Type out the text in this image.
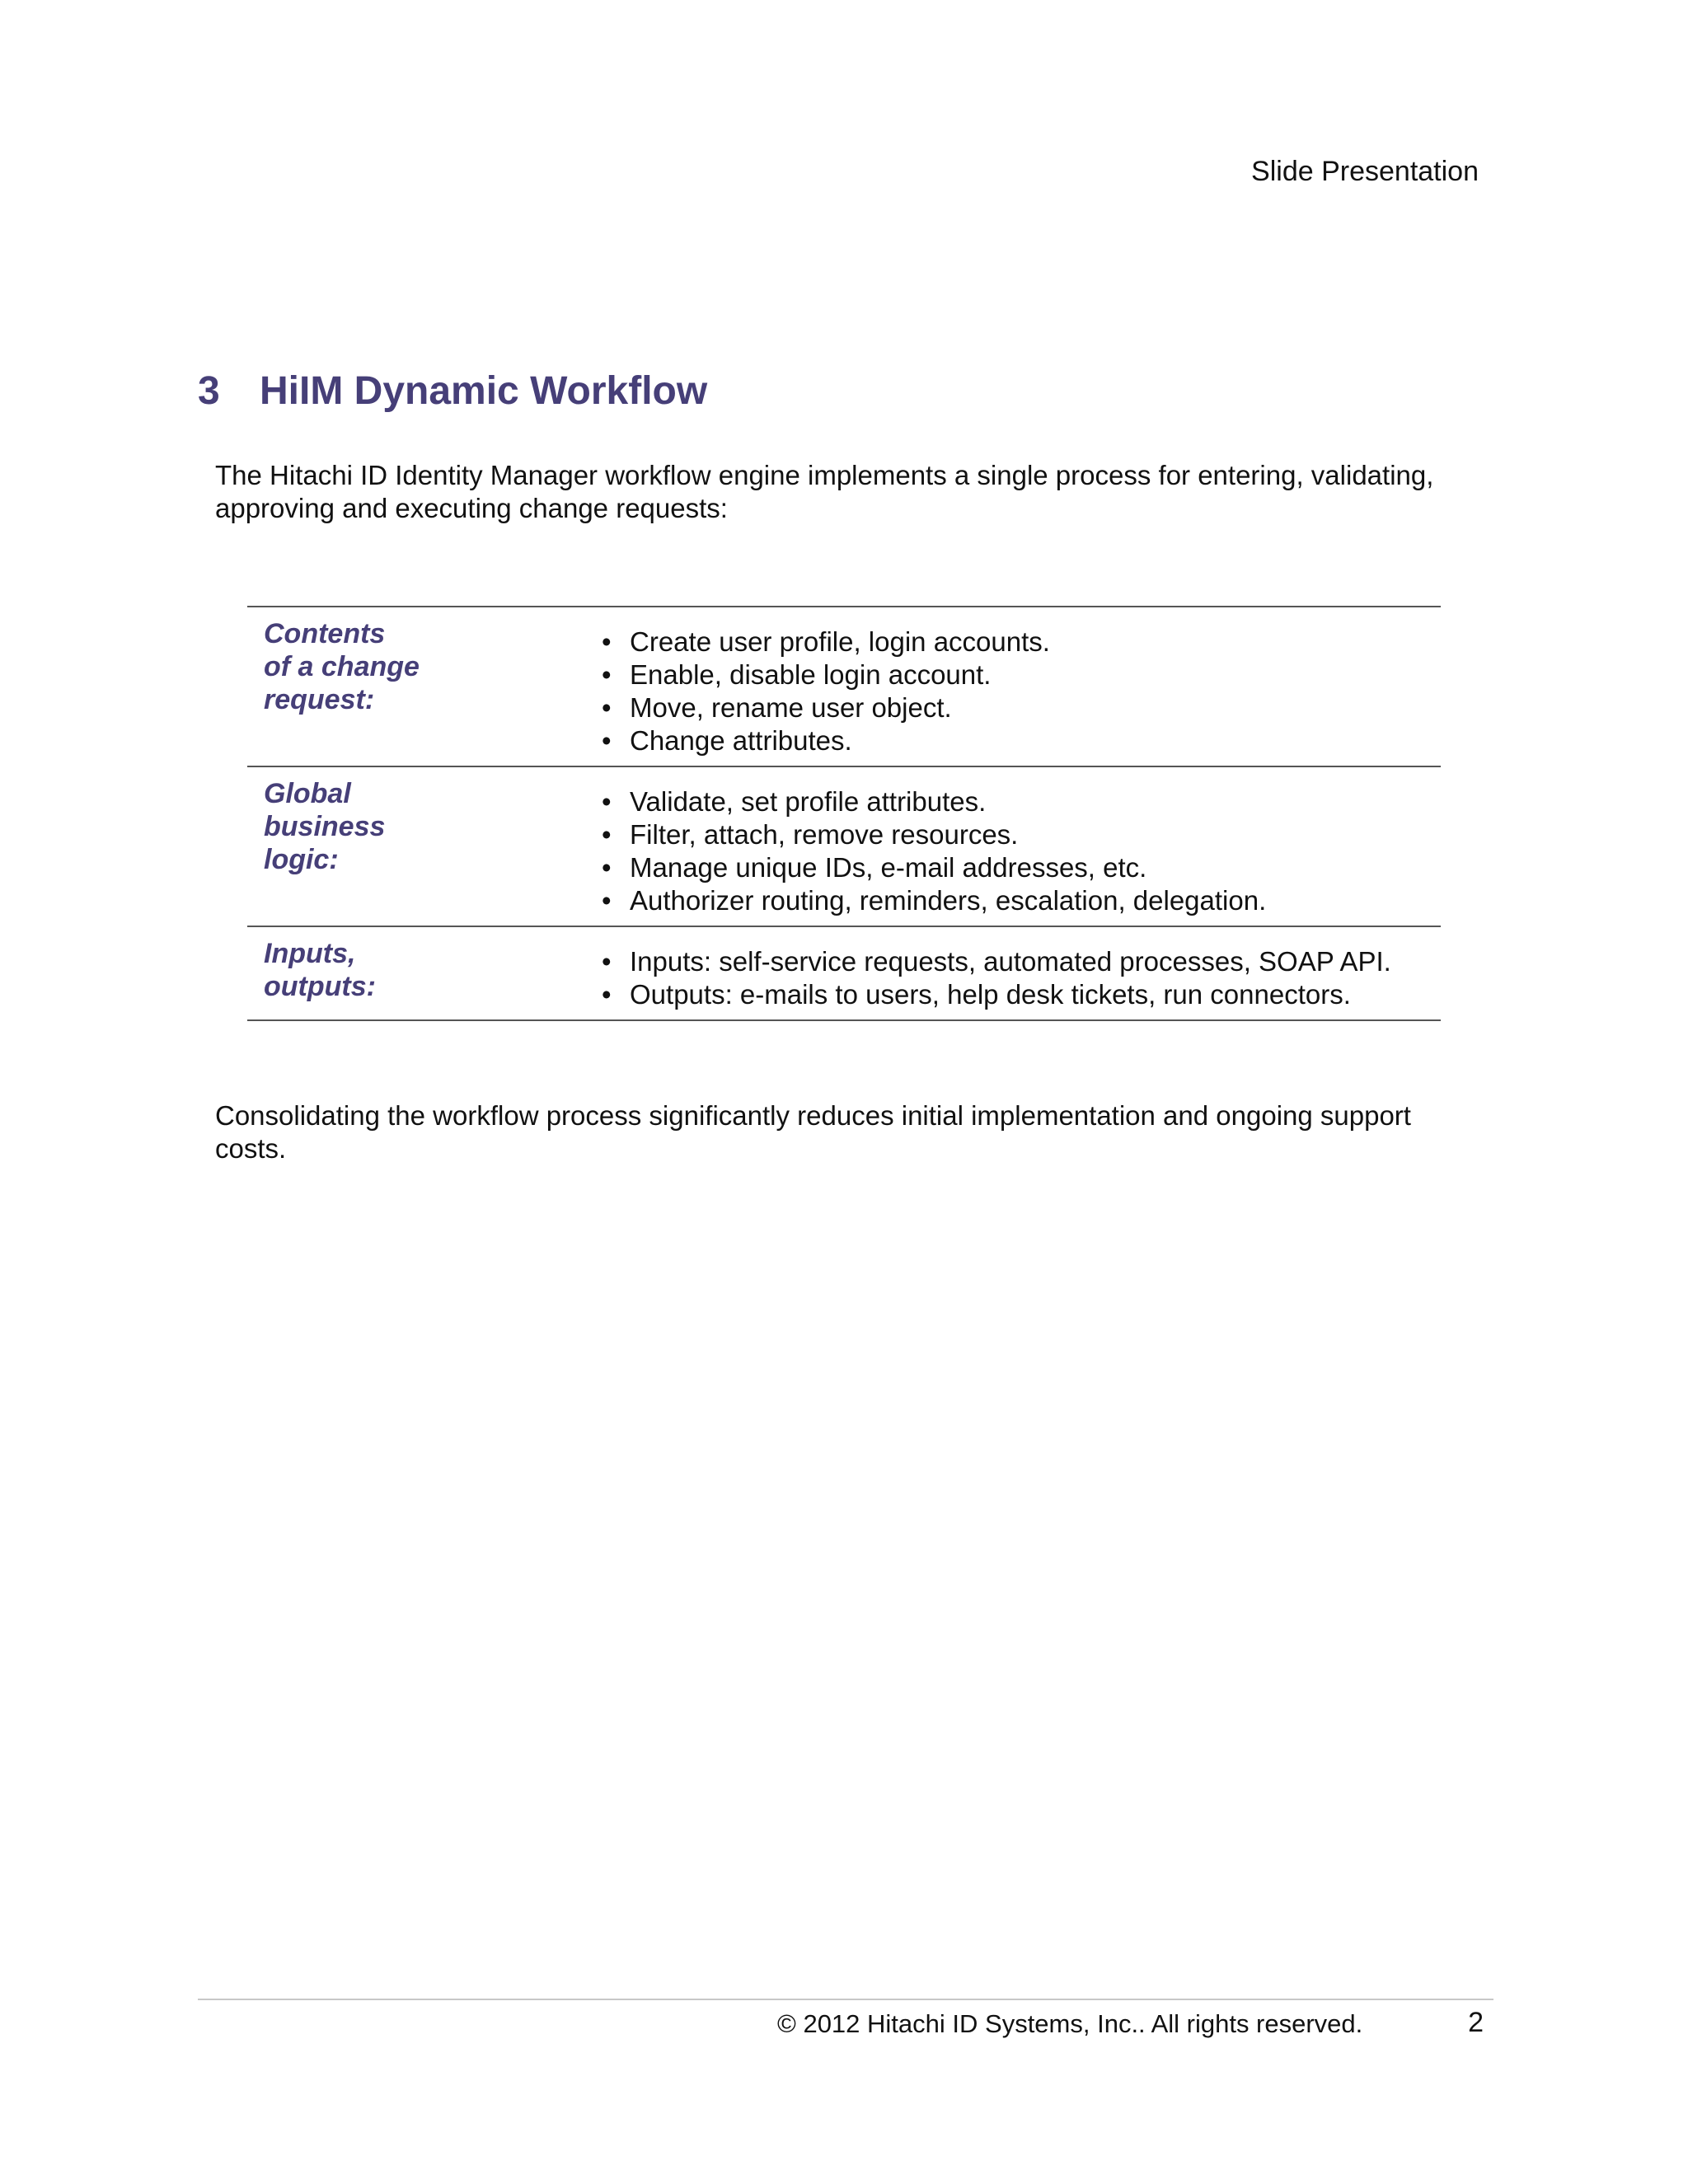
Slide Presentation
3 HiIM Dynamic Workflow

The Hitachi ID Identity Manager workflow engine implements a single process for entering, validating, approving and executing change requests:

Contents
of a change
request:
• Create user profile, login accounts.
• Enable, disable login account.
• Move, rename user object.
• Change attributes.
Global
business
logic:
• Validate, set profile attributes.
• Filter, attach, remove resources.
• Manage unique IDs, e-mail addresses, etc.
• Authorizer routing, reminders, escalation, delegation.
Inputs,
outputs:
• Inputs: self-service requests, automated processes, SOAP API.
• Outputs: e-mails to users, help desk tickets, run connectors.

Consolidating the workflow process significantly reduces initial implementation and ongoing support costs.

© 2012 Hitachi ID Systems, Inc.. All rights reserved.	2
